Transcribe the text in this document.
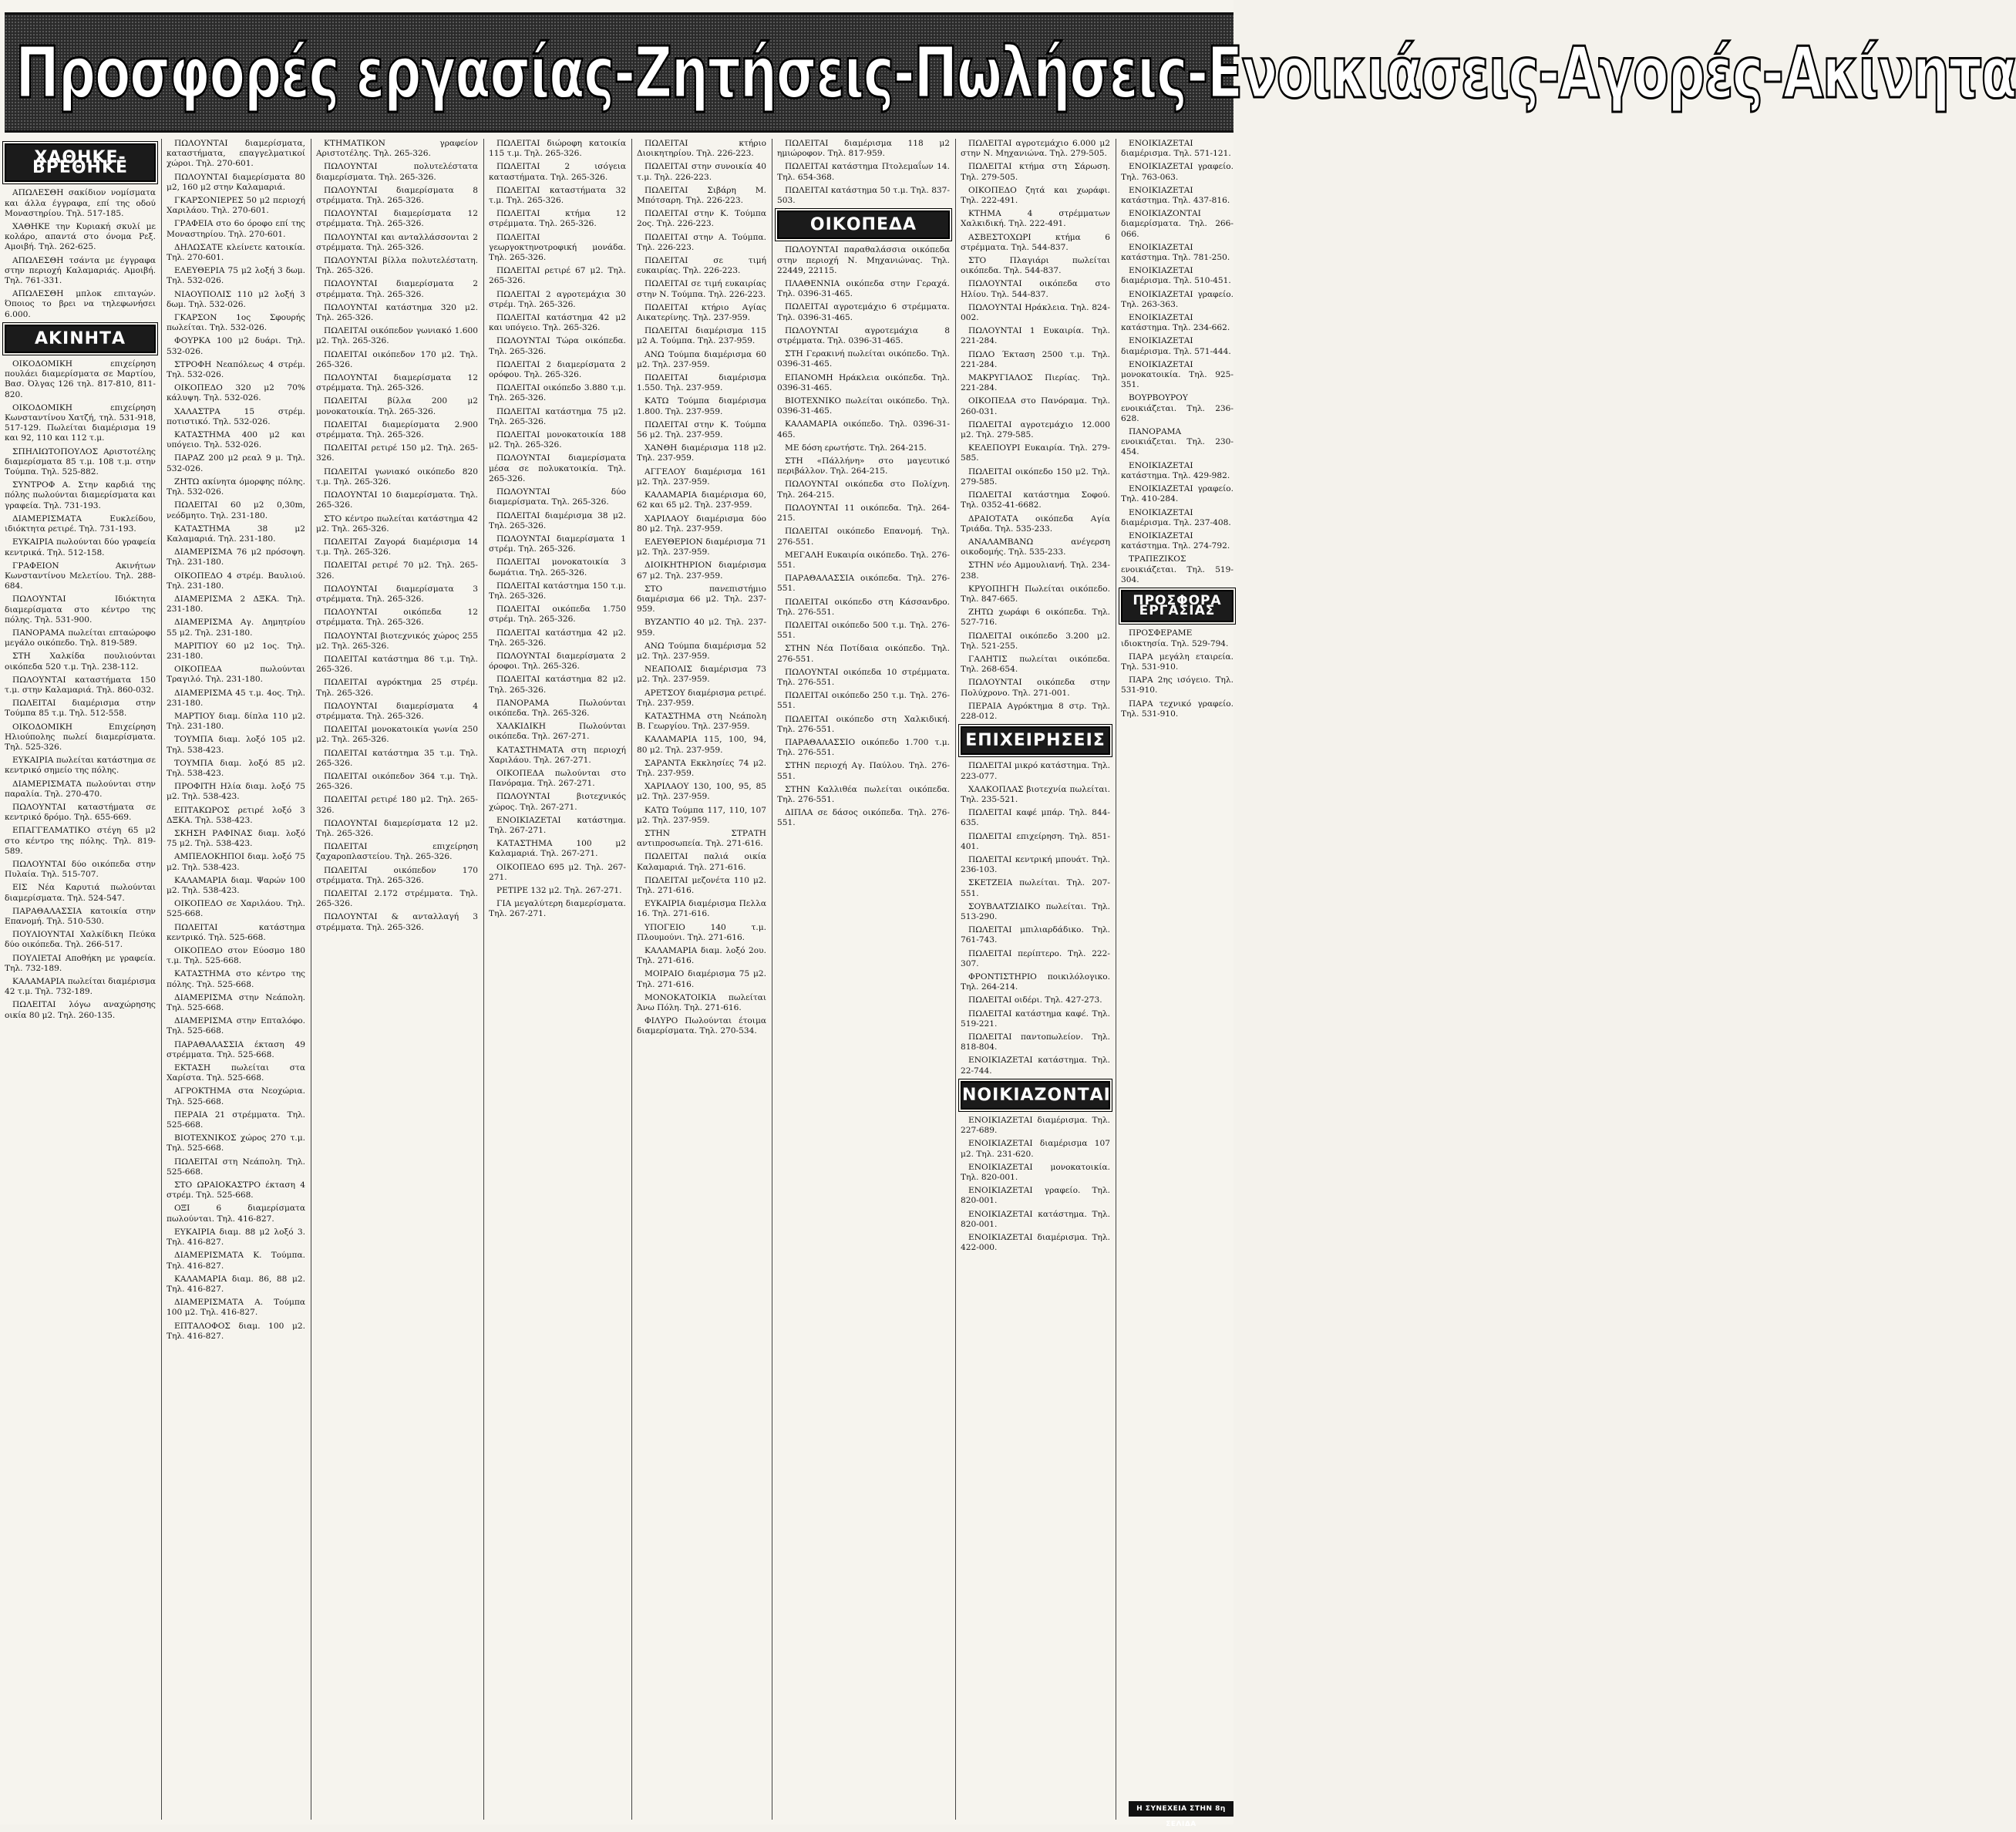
Προσφορές εργασίας-Ζητήσεις-Πωλήσεις-Ενοικιάσεις-Αγορές-Ακίνητα
ΧΑΘΗΚΕ-ΒΡΕΘΗΚΕ
ΑΠΩΛΕΣΘΗ σακίδιον νομίσματα και άλλα έγγραφα, επί της οδού Μοναστηρίου. Τηλ. 517-185.
ΧΑΘΗΚΕ την Κυριακή σκυλί με κολάρο, απαντά στο όνομα Ρεξ. Αμοιβή. Τηλ. 262-625.
ΑΠΩΛΕΣΘΗ τσάντα με έγγραφα στην περιοχή Καλαμαριάς. Αμοιβή. Τηλ. 761-331.
ΑΠΩΛΕΣΘΗ μπλοκ επιταγών. Όποιος το βρει να τηλεφωνήσει 6.000.
ΑΚΙΝΗΤΑ
ΟΙΚΟΔΟΜΙΚΗ επιχείρηση πουλάει διαμερίσματα σε Μαρτίου, Βασ. Όλγας 126 τηλ. 817-810, 811-820.
ΟΙΚΟΔΟΜΙΚΗ επιχείρηση Κωνσταντίνου Χατζή, τηλ. 531-918, 517-129. Πωλείται διαμέρισμα 19 και 92, 110 και 112 τ.μ.
ΣΠΗΛΙΩΤΟΠΟΥΛΟΣ Αριστοτέλης διαμερίσματα 85 τ.μ. 108 τ.μ. στην Τούμπα. Τηλ. 525-882.
ΣΥΝΤΡΟΦ Α. Στην καρδιά της πόλης πωλούνται διαμερίσματα και γραφεία. Τηλ. 731-193.
ΔΙΑΜΕΡΙΣΜΑΤΑ Ευκλείδου, ιδιόκτητα ρετιρέ. Τηλ. 731-193.
ΕΥΚΑΙΡΙΑ πωλούνται δύο γραφεία κεντρικά. Τηλ. 512-158.
ΓΡΑΦΕΙΟΝ Ακινήτων Κωνσταντίνου Μελετίου. Τηλ. 288-684.
ΠΩΛΟΥΝΤΑΙ Ιδιόκτητα διαμερίσματα στο κέντρο της πόλης. Τηλ. 531-900.
ΠΑΝΟΡΑΜΑ πωλείται επταώροφο μεγάλο οικόπεδο. Τηλ. 819-589.
ΣΤΗ Χαλκίδα πουλιούνται οικόπεδα 520 τ.μ. Τηλ. 238-112.
ΠΩΛΟΥΝΤΑΙ καταστήματα 150 τ.μ. στην Καλαμαριά. Τηλ. 860-032.
ΠΩΛΕΙΤΑΙ διαμέρισμα στην Τούμπα 85 τ.μ. Τηλ. 512-558.
ΟΙΚΟΔΟΜΙΚΗ Επιχείρηση Ηλιούπολης πωλεί διαμερίσματα. Τηλ. 525-326.
ΕΥΚΑΙΡΙΑ πωλείται κατάστημα σε κεντρικό σημείο της πόλης.
ΔΙΑΜΕΡΙΣΜΑΤΑ πωλούνται στην παραλία. Τηλ. 270-470.
ΠΩΛΟΥΝΤΑΙ καταστήματα σε κεντρικό δρόμο. Τηλ. 655-669.
ΕΠΑΓΓΕΛΜΑΤΙΚΟ στέγη 65 μ2 στο κέντρο της πόλης. Τηλ. 819-589.
ΠΩΛΟΥΝΤΑΙ δύο οικόπεδα στην Πυλαία. Τηλ. 515-707.
ΕΙΣ Νέα Καρυτιά πωλούνται διαμερίσματα. Τηλ. 524-547.
ΠΑΡΑΘΑΛΑΣΣΙΑ κατοικία στην Επανομή. Τηλ. 510-530.
ΠΟΥΛΙΟΥΝΤΑΙ Χαλκίδικη Πεύκα δύο οικόπεδα. Τηλ. 266-517.
ΠΟΥΛΙΕΤΑΙ Αποθήκη με γραφεία. Τηλ. 732-189.
ΚΑΛΑΜΑΡΙΑ πωλείται διαμέρισμα 42 τ.μ. Τηλ. 732-189.
ΠΩΛΕΙΤΑΙ λόγω αναχώρησης οικία 80 μ2. Τηλ. 260-135.
ΠΩΛΟΥΝΤΑΙ διαμερίσματα, καταστήματα, επαγγελματικοί χώροι. Τηλ. 270-601.
ΠΩΛΟΥΝΤΑΙ διαμερίσματα 80 μ2, 160 μ2 στην Καλαμαριά.
ΓΚΑΡΣΟΝΙΕΡΕΣ 50 μ2 περιοχή Χαριλάου. Τηλ. 270-601.
ΓΡΑΦΕΙΑ στο 6ο όροφο επί της Μοναστηρίου. Τηλ. 270-601.
ΔΗΛΩΣΑΤΕ κλείνετε κατοικία. Τηλ. 270-601.
ΕΛΕΥΘΕΡΙΑ 75 μ2 λοξή 3 δωμ. Τηλ. 532-026.
ΝΙΑΟΥΠΟΛΙΣ 110 μ2 λοξή 3 δωμ. Τηλ. 532-026.
ΓΚΑΡΣΟΝ 1ος Σφουρής πωλείται. Τηλ. 532-026.
ΦΟΥΡΚΑ 100 μ2 δυάρι. Τηλ. 532-026.
ΣΤΡΟΦΗ Νεαπόλεως 4 στρέμ. Τηλ. 532-026.
ΟΙΚΟΠΕΔΟ 320 μ2 70% κάλυψη. Τηλ. 532-026.
ΧΑΛΑΣΤΡΑ 15 στρέμ. ποτιστικό. Τηλ. 532-026.
ΚΑΤΑΣΤΗΜΑ 400 μ2 και υπόγειο. Τηλ. 532-026.
ΠΑΡΑΖ 200 μ2 ρεαλ 9 μ. Τηλ. 532-026.
ΖΗΤΩ ακίνητα όμορφης πόλης. Τηλ. 532-026.
ΠΩΛΕΙΤΑΙ 60 μ2 0,30m, νεόδμητο. Τηλ. 231-180.
ΚΑΤΑΣΤΗΜΑ 38 μ2 Καλαμαριά. Τηλ. 231-180.
ΔΙΑΜΕΡΙΣΜΑ 76 μ2 πρόσοψη. Τηλ. 231-180.
ΟΙΚΟΠΕΔΟ 4 στρέμ. Βαυλιού. Τηλ. 231-180.
ΔΙΑΜΕΡΙΣΜΑ 2 ΔΞΚΑ. Τηλ. 231-180.
ΔΙΑΜΕΡΙΣΜΑ Αγ. Δημητρίου 55 μ2. Τηλ. 231-180.
ΜΑΡΙΤΙΟΥ 60 μ2 1ος. Τηλ. 231-180.
ΟΙΚΟΠΕΔΑ πωλούνται Τραγιλό. Τηλ. 231-180.
ΔΙΑΜΕΡΙΣΜΑ 45 τ.μ. 4ος. Τηλ. 231-180.
ΜΑΡΤΙΟΥ διαμ. δίπλα 110 μ2. Τηλ. 231-180.
ΤΟΥΜΠΑ διαμ. λοξό 105 μ2. Τηλ. 538-423.
ΤΟΥΜΠΑ διαμ. λοξό 85 μ2. Τηλ. 538-423.
ΠΡΟΦΙΤΗ Ηλία διαμ. λοξό 75 μ2. Τηλ. 538-423.
ΕΠΤΑΚΩΡΟΣ ρετιρέ λοξό 3 ΔΞΚΑ. Τηλ. 538-423.
ΣΚΗΣΗ ΡΑΦΙΝΑΣ διαμ. λοξό 75 μ2. Τηλ. 538-423.
ΑΜΠΕΛΟΚΗΠΟΙ διαμ. λοξό 75 μ2. Τηλ. 538-423.
ΚΑΛΑΜΑΡΙΑ διαμ. Ψαρών 100 μ2. Τηλ. 538-423.
ΟΙΚΟΠΕΔΟ σε Χαριλάου. Τηλ. 525-668.
ΠΩΛΕΙΤΑΙ κατάστημα κεντρικό. Τηλ. 525-668.
ΟΙΚΟΠΕΔΟ στον Εύοσμο 180 τ.μ. Τηλ. 525-668.
ΚΑΤΑΣΤΗΜΑ στο κέντρο της πόλης. Τηλ. 525-668.
ΔΙΑΜΕΡΙΣΜΑ στην Νεάπολη. Τηλ. 525-668.
ΔΙΑΜΕΡΙΣΜΑ στην Επταλόφο. Τηλ. 525-668.
ΠΑΡΑΘΑΛΑΣΣΙΑ έκταση 49 στρέμματα. Τηλ. 525-668.
ΕΚΤΑΣΗ πωλείται στα Χαρίστα. Τηλ. 525-668.
ΑΓΡΟΚΤΗΜΑ στα Νεοχώρια. Τηλ. 525-668.
ΠΕΡΑΙΑ 21 στρέμματα. Τηλ. 525-668.
ΒΙΟΤΕΧΝΙΚΟΣ χώρος 270 τ.μ. Τηλ. 525-668.
ΠΩΛΕΙΤΑΙ στη Νεάπολη. Τηλ. 525-668.
ΣΤΟ ΩΡΑΙΟΚΑΣΤΡΟ έκταση 4 στρέμ. Τηλ. 525-668.
ΟΞΙ 6 διαμερίσματα πωλούνται. Τηλ. 416-827.
ΕΥΚΑΙΡΙΑ διαμ. 88 μ2 λοξό 3. Τηλ. 416-827.
ΔΙΑΜΕΡΙΣΜΑΤΑ Κ. Τούμπα. Τηλ. 416-827.
ΚΑΛΑΜΑΡΙΑ διαμ. 86, 88 μ2. Τηλ. 416-827.
ΔΙΑΜΕΡΙΣΜΑΤΑ Α. Τούμπα 100 μ2. Τηλ. 416-827.
ΕΠΤΑΛΟΦΟΣ διαμ. 100 μ2. Τηλ. 416-827.
ΚΤΗΜΑΤΙΚΟΝ γραφείον Αριστοτέλης. Τηλ. 265-326.
ΠΩΛΟΥΝΤΑΙ πολυτελέστατα διαμερίσματα. Τηλ. 265-326.
ΠΩΛΟΥΝΤΑΙ διαμερίσματα 8 στρέμματα. Τηλ. 265-326.
ΠΩΛΟΥΝΤΑΙ διαμερίσματα 12 στρέμματα. Τηλ. 265-326.
ΠΩΛΟΥΝΤΑΙ και ανταλλάσσονται 2 στρέμματα. Τηλ. 265-326.
ΠΩΛΟΥΝΤΑΙ βίλλα πολυτελέστατη. Τηλ. 265-326.
ΠΩΛΟΥΝΤΑΙ διαμερίσματα 2 στρέμματα. Τηλ. 265-326.
ΠΩΛΟΥΝΤΑΙ κατάστημα 320 μ2. Τηλ. 265-326.
ΠΩΛΕΙΤΑΙ οικόπεδον γωνιακό 1.600 μ2. Τηλ. 265-326.
ΠΩΛΕΙΤΑΙ οικόπεδον 170 μ2. Τηλ. 265-326.
ΠΩΛΟΥΝΤΑΙ διαμερίσματα 12 στρέμματα. Τηλ. 265-326.
ΠΩΛΕΙΤΑΙ βίλλα 200 μ2 μονοκατοικία. Τηλ. 265-326.
ΠΩΛΕΙΤΑΙ διαμερίσματα 2.900 στρέμματα. Τηλ. 265-326.
ΠΩΛΕΙΤΑΙ ρετιρέ 150 μ2. Τηλ. 265-326.
ΠΩΛΕΙΤΑΙ γωνιακό οικόπεδο 820 τ.μ. Τηλ. 265-326.
ΠΩΛΟΥΝΤΑΙ 10 διαμερίσματα. Τηλ. 265-326.
ΣΤΟ κέντρο πωλείται κατάστημα 42 μ2. Τηλ. 265-326.
ΠΩΛΕΙΤΑΙ Ζαγορά διαμέρισμα 14 τ.μ. Τηλ. 265-326.
ΠΩΛΕΙΤΑΙ ρετιρέ 70 μ2. Τηλ. 265-326.
ΠΩΛΟΥΝΤΑΙ διαμερίσματα 3 στρέμματα. Τηλ. 265-326.
ΠΩΛΟΥΝΤΑΙ οικόπεδα 12 στρέμματα. Τηλ. 265-326.
ΠΩΛΟΥΝΤΑΙ βιοτεχνικός χώρος 255 μ2. Τηλ. 265-326.
ΠΩΛΕΙΤΑΙ κατάστημα 86 τ.μ. Τηλ. 265-326.
ΠΩΛΕΙΤΑΙ αγρόκτημα 25 στρέμ. Τηλ. 265-326.
ΠΩΛΟΥΝΤΑΙ διαμερίσματα 4 στρέμματα. Τηλ. 265-326.
ΠΩΛΕΙΤΑΙ μονοκατοικία γωνία 250 μ2. Τηλ. 265-326.
ΠΩΛΕΙΤΑΙ κατάστημα 35 τ.μ. Τηλ. 265-326.
ΠΩΛΕΙΤΑΙ οικόπεδον 364 τ.μ. Τηλ. 265-326.
ΠΩΛΕΙΤΑΙ ρετιρέ 180 μ2. Τηλ. 265-326.
ΠΩΛΟΥΝΤΑΙ διαμερίσματα 12 μ2. Τηλ. 265-326.
ΠΩΛΕΙΤΑΙ επιχείρηση ζαχαροπλαστείου. Τηλ. 265-326.
ΠΩΛΕΙΤΑΙ οικόπεδον 170 στρέμματα. Τηλ. 265-326.
ΠΩΛΕΙΤΑΙ 2.172 στρέμματα. Τηλ. 265-326.
ΠΩΛΟΥΝΤΑΙ & ανταλλαγή 3 στρέμματα. Τηλ. 265-326.
ΠΩΛΕΙΤΑΙ διώροφη κατοικία 115 τ.μ. Τηλ. 265-326.
ΠΩΛΕΙΤΑΙ 2 ισόγεια καταστήματα. Τηλ. 265-326.
ΠΩΛΕΙΤΑΙ καταστήματα 32 τ.μ. Τηλ. 265-326.
ΠΩΛΕΙΤΑΙ κτήμα 12 στρέμματα. Τηλ. 265-326.
ΠΩΛΕΙΤΑΙ γεωργοκτηνοτροφική μονάδα. Τηλ. 265-326.
ΠΩΛΕΙΤΑΙ ρετιρέ 67 μ2. Τηλ. 265-326.
ΠΩΛΕΙΤΑΙ 2 αγροτεμάχια 30 στρέμ. Τηλ. 265-326.
ΠΩΛΕΙΤΑΙ κατάστημα 42 μ2 και υπόγειο. Τηλ. 265-326.
ΠΩΛΟΥΝΤΑΙ Τώρα οικόπεδα. Τηλ. 265-326.
ΠΩΛΕΙΤΑΙ 2 διαμερίσματα 2 ορόφου. Τηλ. 265-326.
ΠΩΛΕΙΤΑΙ οικόπεδο 3.880 τ.μ. Τηλ. 265-326.
ΠΩΛΕΙΤΑΙ κατάστημα 75 μ2. Τηλ. 265-326.
ΠΩΛΕΙΤΑΙ μονοκατοικία 188 μ2. Τηλ. 265-326.
ΠΩΛΟΥΝΤΑΙ διαμερίσματα μέσα σε πολυκατοικία. Τηλ. 265-326.
ΠΩΛΟΥΝΤΑΙ δύο διαμερίσματα. Τηλ. 265-326.
ΠΩΛΕΙΤΑΙ διαμέρισμα 38 μ2. Τηλ. 265-326.
ΠΩΛΟΥΝΤΑΙ διαμερίσματα 1 στρέμ. Τηλ. 265-326.
ΠΩΛΕΙΤΑΙ μονοκατοικία 3 δωμάτια. Τηλ. 265-326.
ΠΩΛΕΙΤΑΙ κατάστημα 150 τ.μ. Τηλ. 265-326.
ΠΩΛΕΙΤΑΙ οικόπεδα 1.750 στρέμ. Τηλ. 265-326.
ΠΩΛΕΙΤΑΙ κατάστημα 42 μ2. Τηλ. 265-326.
ΠΩΛΟΥΝΤΑΙ διαμερίσματα 2 όροφοι. Τηλ. 265-326.
ΠΩΛΕΙΤΑΙ κατάστημα 82 μ2. Τηλ. 265-326.
ΠΑΝΟΡΑΜΑ Πωλούνται οικόπεδα. Τηλ. 265-326.
ΧΑΛΚΙΔΙΚΗ Πωλούνται οικόπεδα. Τηλ. 267-271.
ΚΑΤΑΣΤΗΜΑΤΑ στη περιοχή Χαριλάου. Τηλ. 267-271.
ΟΙΚΟΠΕΔΑ πωλούνται στο Πανόραμα. Τηλ. 267-271.
ΠΩΛΟΥΝΤΑΙ βιοτεχνικός χώρος. Τηλ. 267-271.
ΕΝΟΙΚΙΑΖΕΤΑΙ κατάστημα. Τηλ. 267-271.
ΚΑΤΑΣΤΗΜΑ 100 μ2 Καλαμαριά. Τηλ. 267-271.
ΟΙΚΟΠΕΔΟ 695 μ2. Τηλ. 267-271.
ΡΕΤΙΡΕ 132 μ2. Τηλ. 267-271.
ΓΙΑ μεγαλύτερη διαμερίσματα. Τηλ. 267-271.
ΠΩΛΕΙΤΑΙ κτήριο Διοικητηρίου. Τηλ. 226-223.
ΠΩΛΕΙΤΑΙ στην συνοικία 40 τ.μ. Τηλ. 226-223.
ΠΩΛΕΙΤΑΙ Σιβάρη Μ. Μπότσαρη. Τηλ. 226-223.
ΠΩΛΕΙΤΑΙ στην Κ. Τούμπα 2ος. Τηλ. 226-223.
ΠΩΛΕΙΤΑΙ στην Α. Τούμπα. Τηλ. 226-223.
ΠΩΛΕΙΤΑΙ σε τιμή ευκαιρίας. Τηλ. 226-223.
ΠΩΛΕΙΤΑΙ σε τιμή ευκαιρίας στην Ν. Τούμπα. Τηλ. 226-223.
ΠΩΛΕΙΤΑΙ κτήριο Αγίας Αικατερίνης. Τηλ. 237-959.
ΠΩΛΕΙΤΑΙ διαμέρισμα 115 μ2 Α. Τούμπα. Τηλ. 237-959.
ΑΝΩ Τούμπα διαμέρισμα 60 μ2. Τηλ. 237-959.
ΠΩΛΕΙΤΑΙ διαμέρισμα 1.550. Τηλ. 237-959.
ΚΑΤΩ Τούμπα διαμέρισμα 1.800. Τηλ. 237-959.
ΠΩΛΕΙΤΑΙ στην Κ. Τούμπα 56 μ2. Τηλ. 237-959.
ΧΑΝΘΗ διαμέρισμα 118 μ2. Τηλ. 237-959.
ΑΓΓΕΛΟΥ διαμέρισμα 161 μ2. Τηλ. 237-959.
ΚΑΛΑΜΑΡΙΑ διαμέρισμα 60, 62 και 65 μ2. Τηλ. 237-959.
ΧΑΡΙΛΑΟΥ διαμέρισμα δύο 80 μ2. Τηλ. 237-959.
ΕΛΕΥΘΕΡΙΟΝ διαμέρισμα 71 μ2. Τηλ. 237-959.
ΔΙΟΙΚΗΤΗΡΙΟΝ διαμέρισμα 67 μ2. Τηλ. 237-959.
ΣΤΟ πανεπιστήμιο διαμέρισμα 66 μ2. Τηλ. 237-959.
ΒΥΖΑΝΤΙΟ 40 μ2. Τηλ. 237-959.
ΑΝΩ Τούμπα διαμέρισμα 52 μ2. Τηλ. 237-959.
ΝΕΑΠΟΛΙΣ διαμέρισμα 73 μ2. Τηλ. 237-959.
ΑΡΕΤΣΟΥ διαμέρισμα ρετιρέ. Τηλ. 237-959.
ΚΑΤΑΣΤΗΜΑ στη Νεάπολη Β. Γεωργίου. Τηλ. 237-959.
ΚΑΛΑΜΑΡΙΑ 115, 100, 94, 80 μ2. Τηλ. 237-959.
ΣΑΡΑΝΤΑ Εκκλησίες 74 μ2. Τηλ. 237-959.
ΧΑΡΙΛΑΟΥ 130, 100, 95, 85 μ2. Τηλ. 237-959.
ΚΑΤΩ Τούμπα 117, 110, 107 μ2. Τηλ. 237-959.
ΣΤΗΝ ΣΤΡΑΤΗ αντιπροσωπεία. Τηλ. 271-616.
ΠΩΛΕΙΤΑΙ παλιά οικία Καλαμαριά. Τηλ. 271-616.
ΠΩΛΕΙΤΑΙ μεζονέτα 110 μ2. Τηλ. 271-616.
ΕΥΚΑΙΡΙΑ διαμέρισμα Πελλα 16. Τηλ. 271-616.
ΥΠΟΓΕΙΟ 140 τ.μ. Πλουμούνι. Τηλ. 271-616.
ΚΑΛΑΜΑΡΙΑ διαμ. λοξό 2ου. Τηλ. 271-616.
ΜΟΙΡΑΙΟ διαμέρισμα 75 μ2. Τηλ. 271-616.
ΜΟΝΟΚΑΤΟΙΚΙΑ πωλείται Άνω Πόλη. Τηλ. 271-616.
ΦΙΛΥΡΟ Πωλούνται έτοιμα διαμερίσματα. Τηλ. 270-534.
ΠΩΛΕΙΤΑΙ διαμέρισμα 118 μ2 ημιώροφον. Τηλ. 817-959.
ΠΩΛΕΙΤΑΙ κατάστημα Πτολεμαΐων 14. Τηλ. 654-368.
ΠΩΛΕΙΤΑΙ κατάστημα 50 τ.μ. Τηλ. 837-503.
ΟΙΚΟΠΕΔΑ
ΠΩΛΟΥΝΤΑΙ παραθαλάσσια οικόπεδα στην περιοχή Ν. Μηχανιώνας. Τηλ. 22449, 22115.
ΠΛΑΘΕΝΝΙΑ οικόπεδα στην Γεραχά. Τηλ. 0396-31-465.
ΠΩΛΕΙΤΑΙ αγροτεμάχιο 6 στρέμματα. Τηλ. 0396-31-465.
ΠΩΛΟΥΝΤΑΙ αγροτεμάχια 8 στρέμματα. Τηλ. 0396-31-465.
ΣΤΗ Γερακινή πωλείται οικόπεδο. Τηλ. 0396-31-465.
ΕΠΑΝΟΜΗ Ηράκλεια οικόπεδα. Τηλ. 0396-31-465.
ΒΙΟΤΕΧΝΙΚΟ πωλείται οικόπεδο. Τηλ. 0396-31-465.
ΚΑΛΑΜΑΡΙΑ οικόπεδο. Τηλ. 0396-31-465.
ΜΕ δόση ερωτήστε. Τηλ. 264-215.
ΣΤΗ «Πάλλήνη» στο μαγευτικό περιβάλλον. Τηλ. 264-215.
ΠΩΛΟΥΝΤΑΙ οικόπεδα στο Πολίχνη. Τηλ. 264-215.
ΠΩΛΟΥΝΤΑΙ 11 οικόπεδα. Τηλ. 264-215.
ΠΩΛΕΙΤΑΙ οικόπεδο Επανομή. Τηλ. 276-551.
ΜΕΓΑΛΗ Ευκαιρία οικόπεδο. Τηλ. 276-551.
ΠΑΡΑΘΑΛΑΣΣΙΑ οικόπεδα. Τηλ. 276-551.
ΠΩΛΕΙΤΑΙ οικόπεδο στη Κάσσανδρο. Τηλ. 276-551.
ΠΩΛΕΙΤΑΙ οικόπεδο 500 τ.μ. Τηλ. 276-551.
ΣΤΗΝ Νέα Ποτίδαια οικόπεδο. Τηλ. 276-551.
ΠΩΛΟΥΝΤΑΙ οικόπεδα 10 στρέμματα. Τηλ. 276-551.
ΠΩΛΕΙΤΑΙ οικόπεδο 250 τ.μ. Τηλ. 276-551.
ΠΩΛΕΙΤΑΙ οικόπεδο στη Χαλκιδική. Τηλ. 276-551.
ΠΑΡΑΘΑΛΑΣΣΙΟ οικόπεδο 1.700 τ.μ. Τηλ. 276-551.
ΣΤΗΝ περιοχή Αγ. Παύλου. Τηλ. 276-551.
ΣΤΗΝ Καλλιθέα πωλείται οικόπεδα. Τηλ. 276-551.
ΔΙΠΛΑ σε δάσος οικόπεδα. Τηλ. 276-551.
ΠΩΛΕΙΤΑΙ αγροτεμάχιο 6.000 μ2 στην Ν. Μηχανιώνα. Τηλ. 279-505.
ΠΩΛΕΙΤΑΙ κτήμα στη Σάρωση. Τηλ. 279-505.
ΟΙΚΟΠΕΔΟ ζητά και χωράφι. Τηλ. 222-491.
ΚΤΗΜΑ 4 στρέμματων Χαλκιδική. Τηλ. 222-491.
ΑΣΒΕΣΤΟΧΩΡΙ κτήμα 6 στρέμματα. Τηλ. 544-837.
ΣΤΟ Πλαγιάρι πωλείται οικόπεδα. Τηλ. 544-837.
ΠΩΛΟΥΝΤΑΙ οικόπεδα στο Ηλίου. Τηλ. 544-837.
ΠΩΛΟΥΝΤΑΙ Ηράκλεια. Τηλ. 824-002.
ΠΩΛΟΥΝΤΑΙ 1 Ευκαιρία. Τηλ. 221-284.
ΠΩΛΟ Έκταση 2500 τ.μ. Τηλ. 221-284.
ΜΑΚΡΥΓΙΑΛΟΣ Πιερίας. Τηλ. 221-284.
ΟΙΚΟΠΕΔΑ στο Πανόραμα. Τηλ. 260-031.
ΠΩΛΕΙΤΑΙ αγροτεμάχιο 12.000 μ2. Τηλ. 279-585.
ΚΕΛΕΠΟΥΡΙ Ευκαιρία. Τηλ. 279-585.
ΠΩΛΕΙΤΑΙ οικόπεδο 150 μ2. Τηλ. 279-585.
ΠΩΛΕΙΤΑΙ κατάστημα Σοφού. Τηλ. 0352-41-6682.
ΔΡΑΙΟΤΑΤΑ οικόπεδα Αγία Τριάδα. Τηλ. 535-233.
ΑΝΑΛΑΜΒΑΝΩ ανέγερση οικοδομής. Τηλ. 535-233.
ΣΤΗΝ νέο Αμμουλιανή. Τηλ. 234-238.
ΚΡΥΟΠΗΓΗ Πωλείται οικόπεδο. Τηλ. 847-665.
ΖΗΤΩ χωράφι 6 οικόπεδα. Τηλ. 527-716.
ΠΩΛΕΙΤΑΙ οικόπεδο 3.200 μ2. Τηλ. 521-255.
ΓΑΛΗΤΙΣ πωλείται οικόπεδα. Τηλ. 268-654.
ΠΩΛΟΥΝΤΑΙ οικόπεδα στην Πολύχρονο. Τηλ. 271-001.
ΠΕΡΑΙΑ Αγρόκτημα 8 στρ. Τηλ. 228-012.
ΕΠΙΧΕΙΡΗΣΕΙΣ
ΠΩΛΕΙΤΑΙ μικρό κατάστημα. Τηλ. 223-077.
ΧΑΛΚΟΠΛΑΣ βιοτεχνία πωλείται. Τηλ. 235-521.
ΠΩΛΕΙΤΑΙ καφέ μπάρ. Τηλ. 844-635.
ΠΩΛΕΙΤΑΙ επιχείρηση. Τηλ. 851-401.
ΠΩΛΕΙΤΑΙ κεντρική μπουάτ. Τηλ. 236-103.
ΣΚΕΤΖΕΙΑ πωλείται. Τηλ. 207-551.
ΣΟΥΒΛΑΤΖΙΔΙΚΟ πωλείται. Τηλ. 513-290.
ΠΩΛΕΙΤΑΙ μπιλιαρδάδικο. Τηλ. 761-743.
ΠΩΛΕΙΤΑΙ περίπτερο. Τηλ. 222-307.
ΦΡΟΝΤΙΣΤΗΡΙΟ ποικιλόλογικο. Τηλ. 264-214.
ΠΩΛΕΙΤΑΙ οιδέρι. Τηλ. 427-273.
ΠΩΛΕΙΤΑΙ κατάστημα καφέ. Τηλ. 519-221.
ΠΩΛΕΙΤΑΙ παντοπωλείον. Τηλ. 818-804.
ΕΝΟΙΚΙΑΖΕΤΑΙ κατάστημα. Τηλ. 22-744.
ΝΟΙΚΙΑΖΟΝΤΑΙ
ΕΝΟΙΚΙΑΖΕΤΑΙ διαμέρισμα. Τηλ. 227-689.
ΕΝΟΙΚΙΑΖΕΤΑΙ διαμέρισμα 107 μ2. Τηλ. 231-620.
ΕΝΟΙΚΙΑΖΕΤΑΙ μονοκατοικία. Τηλ. 820-001.
ΕΝΟΙΚΙΑΖΕΤΑΙ γραφείο. Τηλ. 820-001.
ΕΝΟΙΚΙΑΖΕΤΑΙ κατάστημα. Τηλ. 820-001.
ΕΝΟΙΚΙΑΖΕΤΑΙ διαμέρισμα. Τηλ. 422-000.
ΕΝΟΙΚΙΑΖΕΤΑΙ διαμέρισμα. Τηλ. 571-121.
ΕΝΟΙΚΙΑΖΕΤΑΙ γραφείο. Τηλ. 763-063.
ΕΝΟΙΚΙΑΖΕΤΑΙ κατάστημα. Τηλ. 437-816.
ΕΝΟΙΚΙΑΖΟΝΤΑΙ διαμερίσματα. Τηλ. 266-066.
ΕΝΟΙΚΙΑΖΕΤΑΙ κατάστημα. Τηλ. 781-250.
ΕΝΟΙΚΙΑΖΕΤΑΙ διαμέρισμα. Τηλ. 510-451.
ΕΝΟΙΚΙΑΖΕΤΑΙ γραφείο. Τηλ. 263-363.
ΕΝΟΙΚΙΑΖΕΤΑΙ κατάστημα. Τηλ. 234-662.
ΕΝΟΙΚΙΑΖΕΤΑΙ διαμέρισμα. Τηλ. 571-444.
ΕΝΟΙΚΙΑΖΕΤΑΙ μονοκατοικία. Τηλ. 925-351.
ΒΟΥΡΒΟΥΡΟΥ ενοικιάζεται. Τηλ. 236-628.
ΠΑΝΟΡΑΜΑ ενοικιάζεται. Τηλ. 230-454.
ΕΝΟΙΚΙΑΖΕΤΑΙ κατάστημα. Τηλ. 429-982.
ΕΝΟΙΚΙΑΖΕΤΑΙ γραφείο. Τηλ. 410-284.
ΕΝΟΙΚΙΑΖΕΤΑΙ διαμέρισμα. Τηλ. 237-408.
ΕΝΟΙΚΙΑΖΕΤΑΙ κατάστημα. Τηλ. 274-792.
ΤΡΑΠΕΖΙΚΟΣ ενοικιάζεται. Τηλ. 519-304.
ΠΡΟΣΦΟΡΑ ΕΡΓΑΣΙΑΣ
ΠΡΟΣΦΕΡΑΜΕ ιδιοκτησία. Τηλ. 529-794.
ΠΑΡΑ μεγάλη εταιρεία. Τηλ. 531-910.
ΠΑΡΑ 2ης ισόγειο. Τηλ. 531-910.
ΠΑΡΑ τεχνικό γραφείο. Τηλ. 531-910.
Η ΣΥΝΕΧΕΙΑ ΣΤΗΝ 8η ΣΕΛΙΔΑ
